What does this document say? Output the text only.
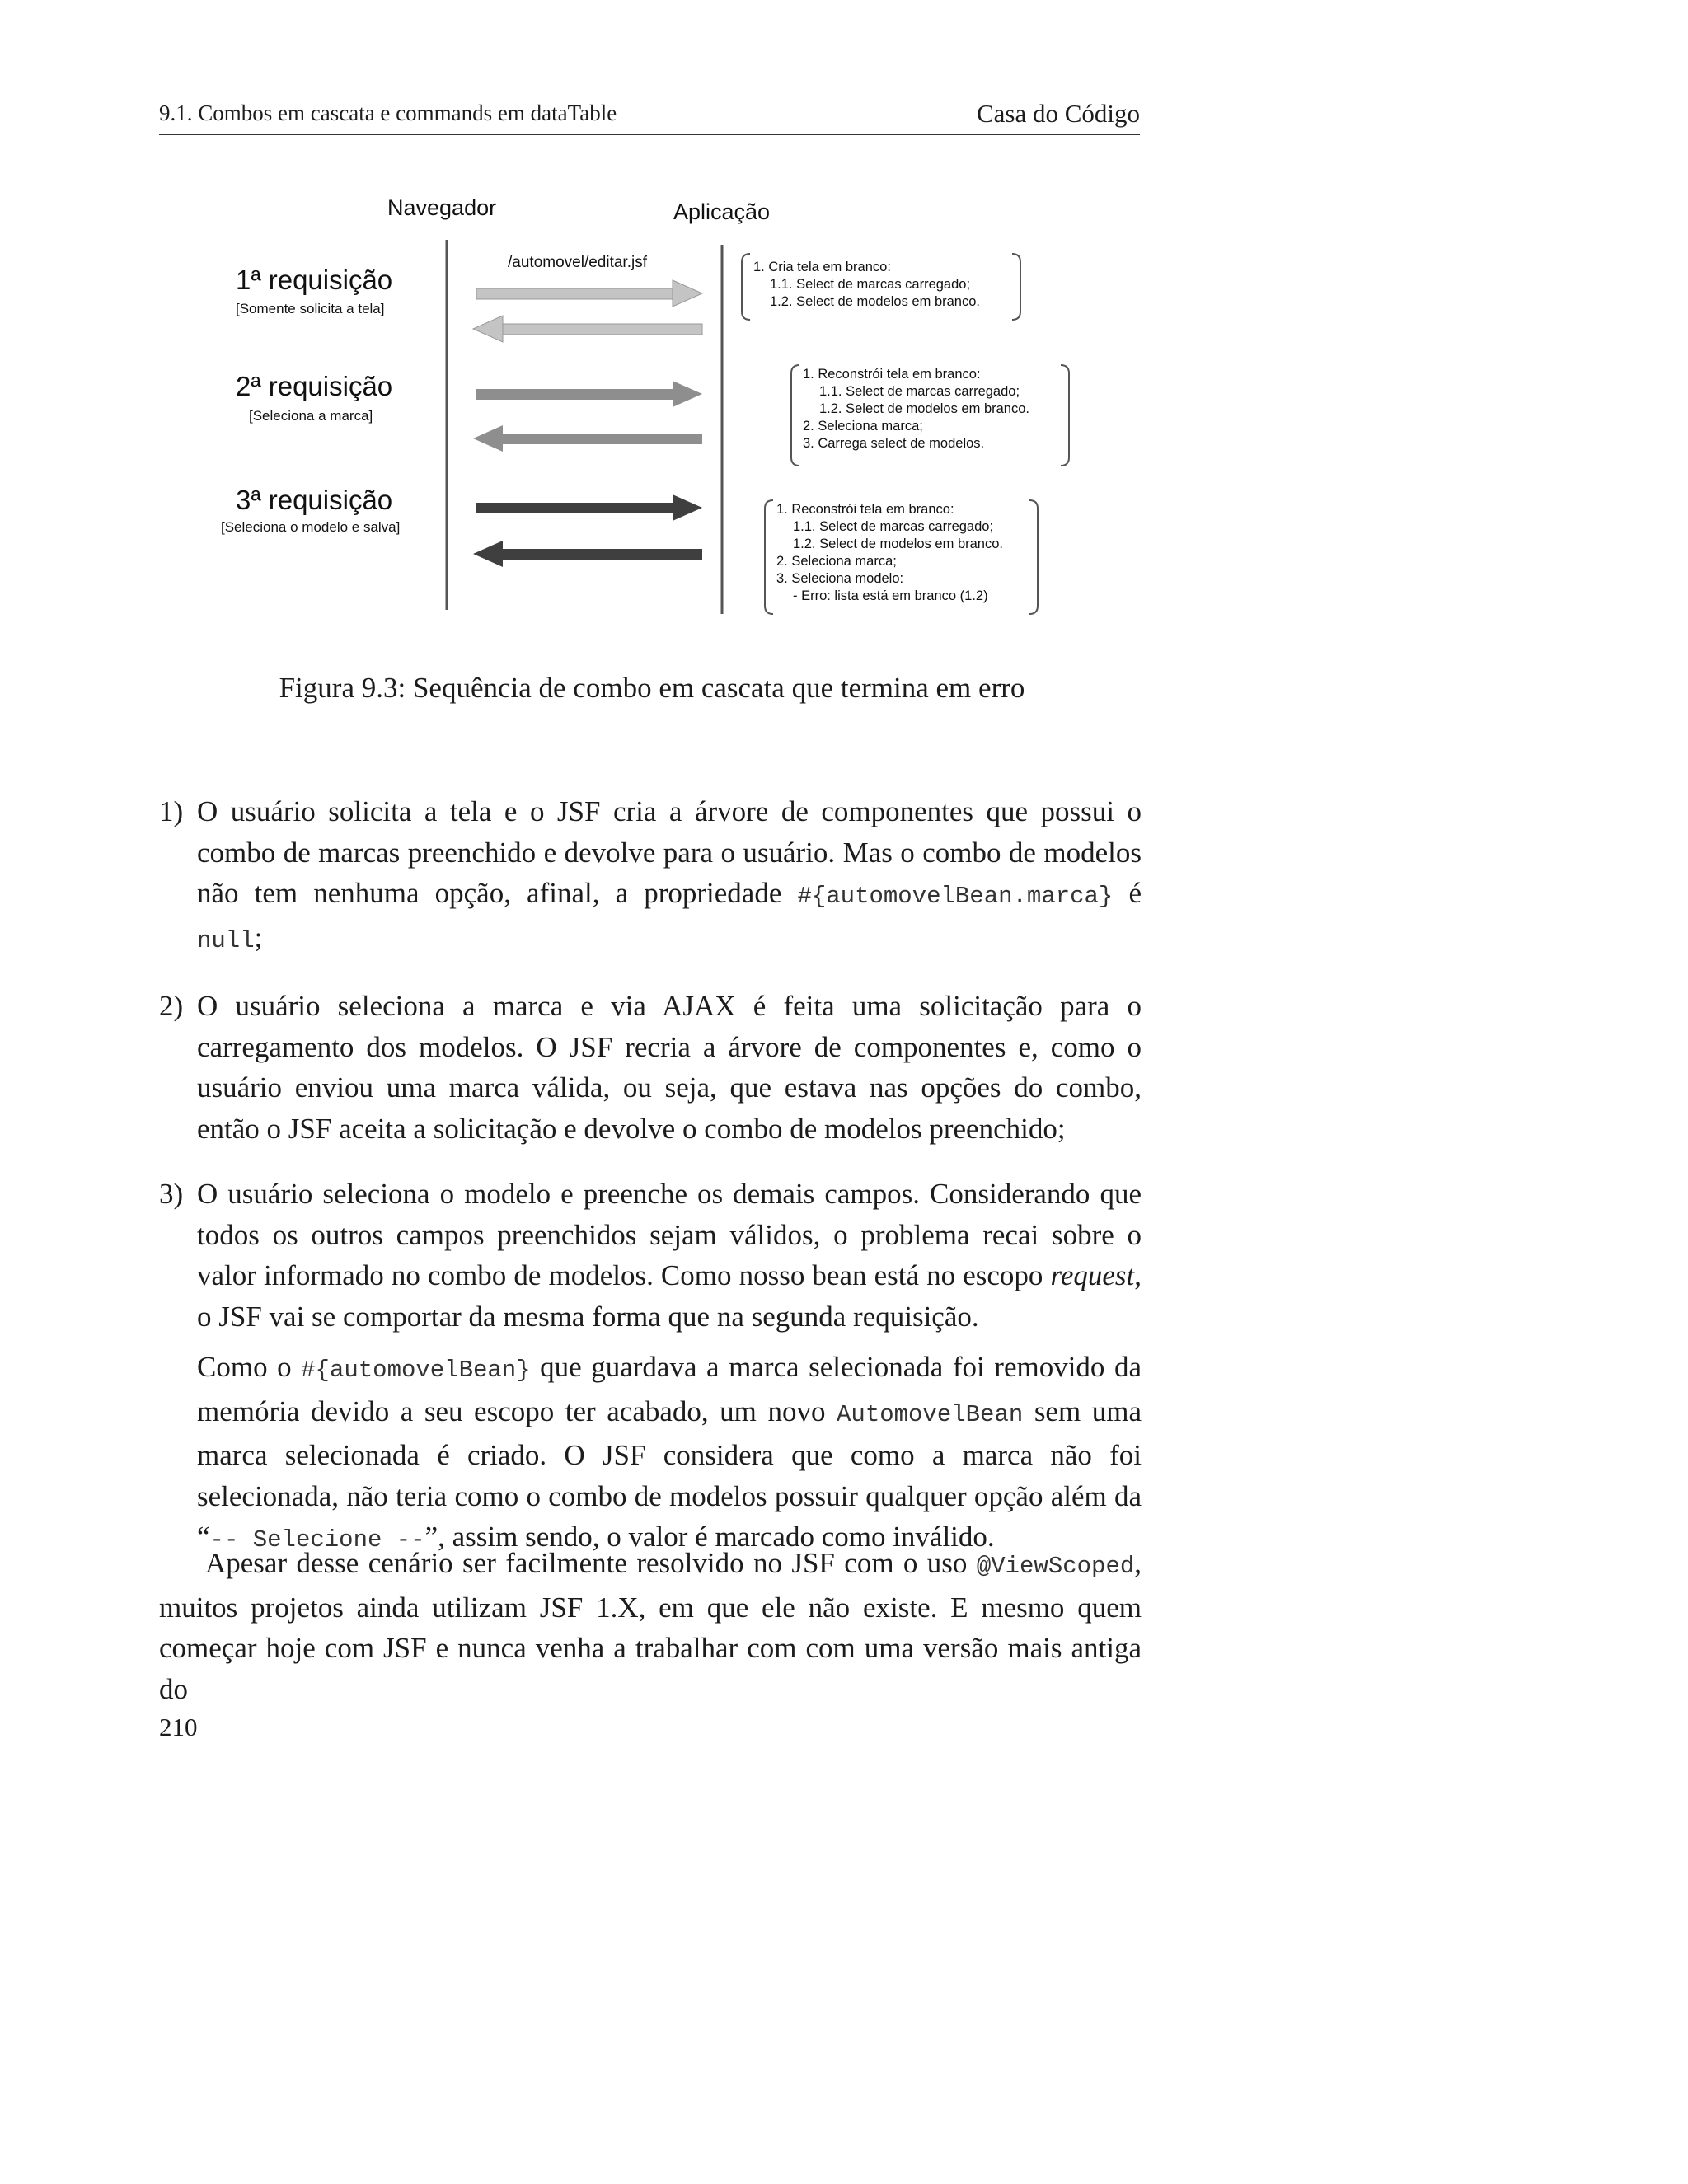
9.1. Combos em cascata e commands em dataTable	Casa do Código
Navegador	Aplicação
/automovel/editar.jsf
1ª requisição
[Somente solicita a tela]
2ª requisição
[Seleciona a marca]
3ª requisição
[Seleciona o modelo e salva]
1. Cria tela em branco:
1.1. Select de marcas carregado;
1.2. Select de modelos em branco.
1. Reconstrói tela em branco:
1.1. Select de marcas carregado;
1.2. Select de modelos em branco.
2. Seleciona marca;
3. Carrega select de modelos.
1. Reconstrói tela em branco:
1.1. Select de marcas carregado;
1.2. Select de modelos em branco.
2. Seleciona marca;
3. Seleciona modelo:
- Erro: lista está em branco (1.2)
Figura 9.3: Sequência de combo em cascata que termina em erro
1) O usuário solicita a tela e o JSF cria a árvore de componentes que possui o combo de marcas preenchido e devolve para o usuário. Mas o combo de modelos não tem nenhuma opção, afinal, a propriedade #{automovelBean.marca} é null;

2) O usuário seleciona a marca e via AJAX é feita uma solicitação para o carregamento dos modelos. O JSF recria a árvore de componentes e, como o usuário enviou uma marca válida, ou seja, que estava nas opções do combo, então o JSF aceita a solicitação e devolve o combo de modelos preenchido;

3) O usuário seleciona o modelo e preenche os demais campos. Considerando que todos os outros campos preenchidos sejam válidos, o problema recai sobre o valor informado no combo de modelos. Como nosso bean está no escopo request, o JSF vai se comportar da mesma forma que na segunda requisição.

Como o #{automovelBean} que guardava a marca selecionada foi removido da memória devido a seu escopo ter acabado, um novo AutomovelBean sem uma marca selecionada é criado. O JSF considera que como a marca não foi selecionada, não teria como o combo de modelos possuir qualquer opção além da “-- Selecione --”, assim sendo, o valor é marcado como inválido.

Apesar desse cenário ser facilmente resolvido no JSF com o uso @ViewScoped, muitos projetos ainda utilizam JSF 1.X, em que ele não existe. E mesmo quem começar hoje com JSF e nunca venha a trabalhar com com uma versão mais antiga do

210
